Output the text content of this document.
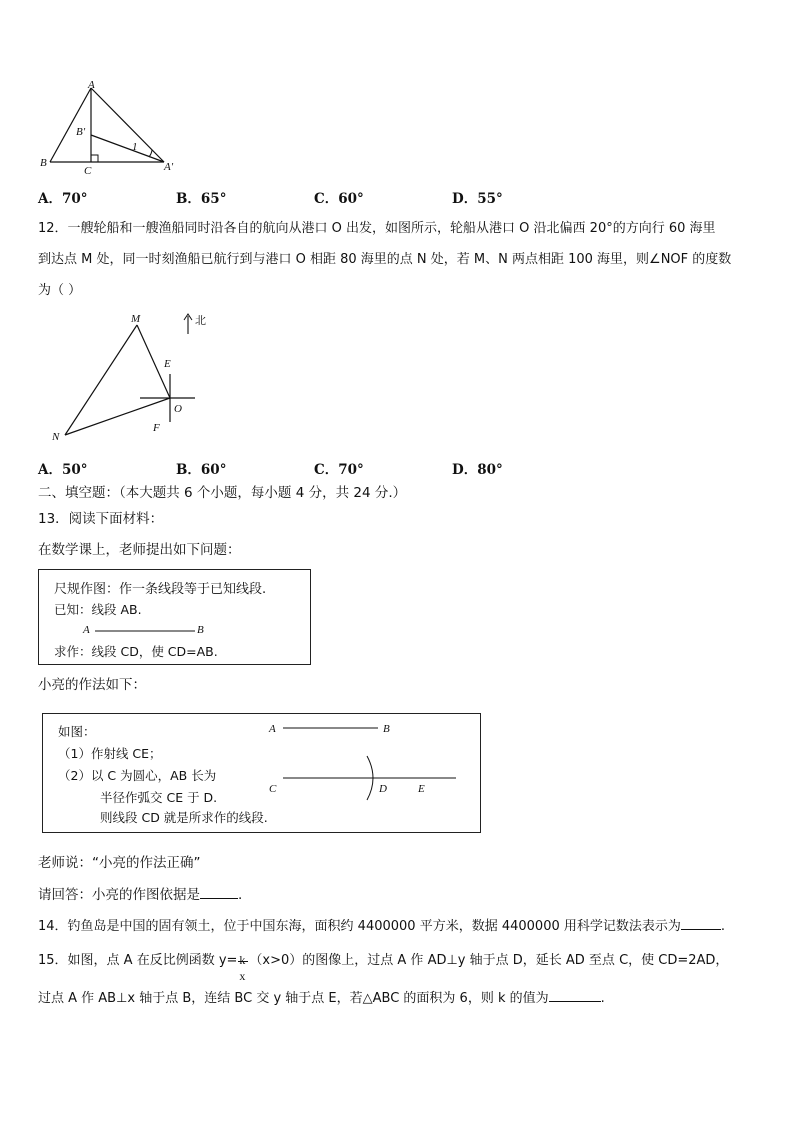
A
B′
B
C	A′
1
A．70°	B．65°	C．60°	D．55°
12．一艘轮船和一艘渔船同时沿各自的航向从港口 O 出发，如图所示，轮船从港口 O 沿北偏西 20°的方向行 60 海里
到达点 M 处，同一时刻渔船已航行到与港口 O 相距 80 海里的点 N 处，若 M、N 两点相距 100 海里，则∠NOF 的度数
为（ ）
M	北
E
O
F
N
A．50°	B．60°	C．70°	D．80°
二、填空题：（本大题共 6 个小题，每小题 4 分，共 24 分.）
13．阅读下面材料：
在数学课上，老师提出如下问题：
尺规作图：作一条线段等于已知线段.
已知：线段 AB.
A	B
求作：线段 CD，使 CD=AB.
小亮的作法如下：
如图：
（1）作射线 CE；
（2）以 C 为圆心，AB 长为
半径作弧交 CE 于 D.
则线段 CD 就是所求作的线段.
A	B
C	D	E
老师说：“小亮的作法正确”
请回答：小亮的作图依据是	.
14．钓鱼岛是中国的固有领土，位于中国东海，面积约 4400000 平方米，数据 4400000 用科学记数法表示为	.
15．如图，点 A 在反比例函数 y= k
x
（x>0）的图像上，过点 A 作 AD⊥y 轴于点 D，延长 AD 至点 C，使 CD=2AD，
过点 A 作 AB⊥x 轴于点 B，连结 BC 交 y 轴于点 E，若△ABC 的面积为 6，则 k 的值为	.
